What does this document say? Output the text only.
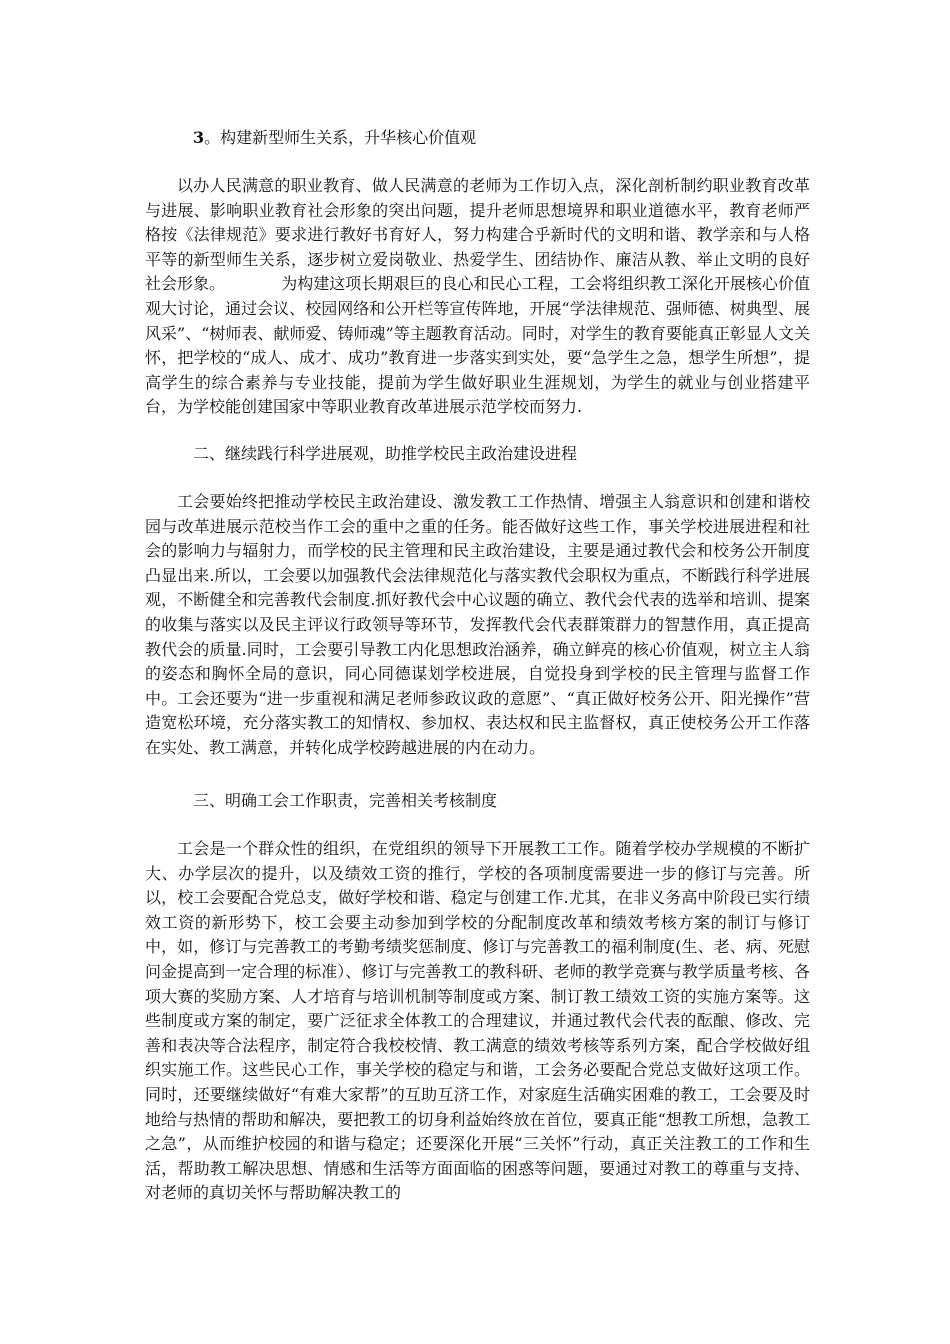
3。构建新型师生关系，升华核心价值观
以办人民满意的职业教育、做人民满意的老师为工作切入点，深化剖析制约职业教育改革与进展、影响职业教育社会形象的突出问题，提升老师思想境界和职业道德水平，教育老师严格按《法律规范》要求进行教好书育好人，努力构建合乎新时代的文明和谐、教学亲和与人格平等的新型师生关系，逐步树立爱岗敬业、热爱学生、团结协作、廉洁从教、举止文明的良好社会形象。　　　　为构建这项长期艰巨的良心和民心工程，工会将组织教工深化开展核心价值观大讨论，通过会议、校园网络和公开栏等宣传阵地，开展“学法律规范、强师德、树典型、展风采”、“树师表、献师爱、铸师魂”等主题教育活动。同时，对学生的教育要能真正彰显人文关怀，把学校的“成人、成才、成功”教育进一步落实到实处，要“急学生之急，想学生所想”，提高学生的综合素养与专业技能，提前为学生做好职业生涯规划，为学生的就业与创业搭建平台，为学校能创建国家中等职业教育改革进展示范学校而努力.
二、继续践行科学进展观，助推学校民主政治建设进程
工会要始终把推动学校民主政治建设、激发教工工作热情、增强主人翁意识和创建和谐校园与改革进展示范校当作工会的重中之重的任务。能否做好这些工作，事关学校进展进程和社会的影响力与辐射力，而学校的民主管理和民主政治建设，主要是通过教代会和校务公开制度凸显出来.所以，工会要以加强教代会法律规范化与落实教代会职权为重点，不断践行科学进展观，不断健全和完善教代会制度.抓好教代会中心议题的确立、教代会代表的选举和培训、提案的收集与落实以及民主评议行政领导等环节，发挥教代会代表群策群力的智慧作用，真正提高教代会的质量.同时，工会要引导教工内化思想政治涵养，确立鲜亮的核心价值观，树立主人翁的姿态和胸怀全局的意识，同心同德谋划学校进展，自觉投身到学校的民主管理与监督工作中。工会还要为“进一步重视和满足老师参政议政的意愿”、“真正做好校务公开、阳光操作”营造宽松环境，充分落实教工的知情权、参加权、表达权和民主监督权，真正使校务公开工作落在实处、教工满意，并转化成学校跨越进展的内在动力。
三、明确工会工作职责，完善相关考核制度
工会是一个群众性的组织，在党组织的领导下开展教工工作。随着学校办学规模的不断扩大、办学层次的提升，以及绩效工资的推行，学校的各项制度需要进一步的修订与完善。所以，校工会要配合党总支，做好学校和谐、稳定与创建工作.尤其，在非义务高中阶段已实行绩效工资的新形势下，校工会要主动参加到学校的分配制度改革和绩效考核方案的制订与修订中，如，修订与完善教工的考勤考绩奖惩制度、修订与完善教工的福利制度(生、老、病、死慰问金提高到一定合理的标准）、修订与完善教工的教科研、老师的教学竞赛与教学质量考核、各项大赛的奖励方案、人才培育与培训机制等制度或方案、制订教工绩效工资的实施方案等。这些制度或方案的制定，要广泛征求全体教工的合理建议，并通过教代会代表的酝酿、修改、完善和表决等合法程序，制定符合我校校情、教工满意的绩效考核等系列方案，配合学校做好组织实施工作。这些民心工作，事关学校的稳定与和谐，工会务必要配合党总支做好这项工作。同时，还要继续做好“有难大家帮”的互助互济工作，对家庭生活确实困难的教工，工会要及时地给与热情的帮助和解决，要把教工的切身利益始终放在首位，要真正能“想教工所想，急教工之急”，从而维护校园的和谐与稳定；还要深化开展“三关怀”行动，真正关注教工的工作和生活，帮助教工解决思想、情感和生活等方面面临的困惑等问题，要通过对教工的尊重与支持、对老师的真切关怀与帮助解决教工的
